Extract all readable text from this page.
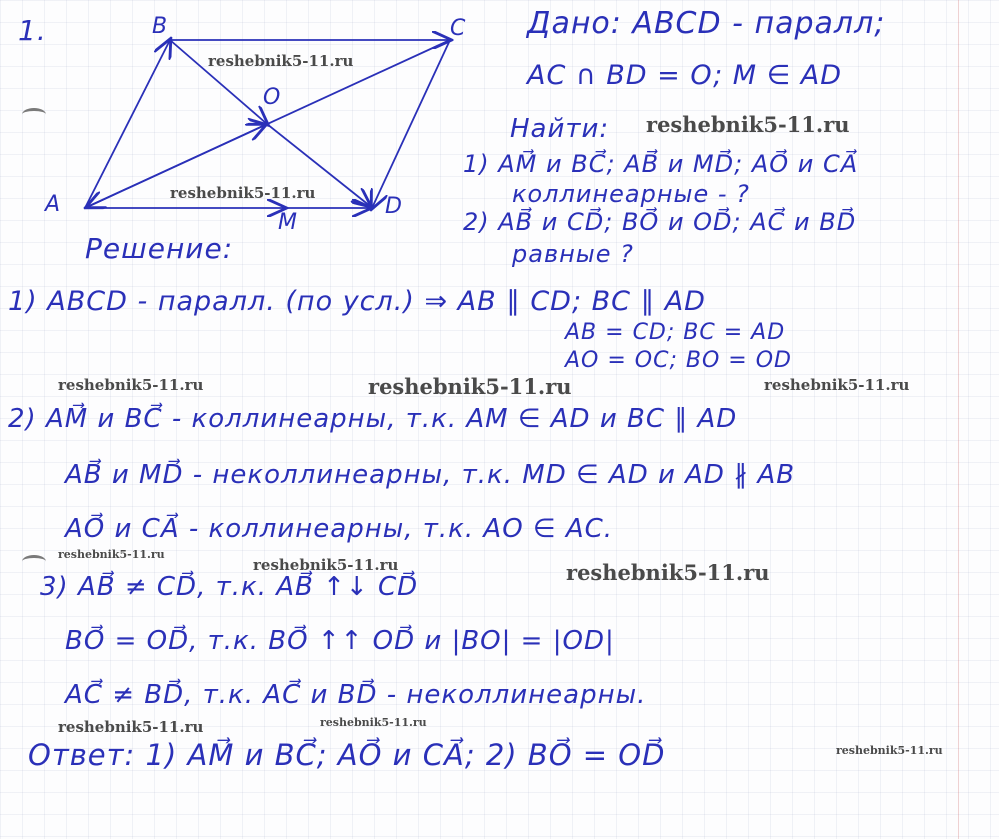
1.	B	C
A	D
O
M
Дано: ABCD - паралл;
AC ∩ BD = O; M ∈ AD
Найти:
1) AM⃗ и BC⃗; AB⃗ и MD⃗; AO⃗ и CA⃗
коллинеарные - ?
2) AB⃗ и CD⃗; BO⃗ и OD⃗; AC⃗ и BD⃗
равные ?
Решение:
1) ABCD - паралл. (по усл.) ⇒ AB ∥ CD; BC ∥ AD
AB = CD; BC = AD
AO = OC; BO = OD
2) AM⃗ и BC⃗ - коллинеарны, т.к. AM ∈ AD и BC ∥ AD
AB⃗ и MD⃗ - неколлинеарны, т.к. MD ∈ AD и AD ∦ AB
AO⃗ и CA⃗ - коллинеарны, т.к. AO ∈ AC.
3) AB⃗ ≠ CD⃗, т.к. AB⃗ ↑↓ CD⃗
BO⃗ = OD⃗, т.к. BO⃗ ↑↑ OD⃗ и |BO| = |OD|
AC⃗ ≠ BD⃗, т.к. AC⃗ и BD⃗ - неколлинеарны.
Ответ: 1) AM⃗ и BC⃗; AO⃗ и CA⃗; 2) BO⃗ = OD⃗
reshebnik5-11.ru
reshebnik5-11.ru
reshebnik5-11.ru
reshebnik5-11.ru	reshebnik5-11.ru	reshebnik5-11.ru
reshebnik5-11.ru
reshebnik5-11.ru	reshebnik5-11.ru
reshebnik5-11.ru	reshebnik5-11.ru
reshebnik5-11.ru
